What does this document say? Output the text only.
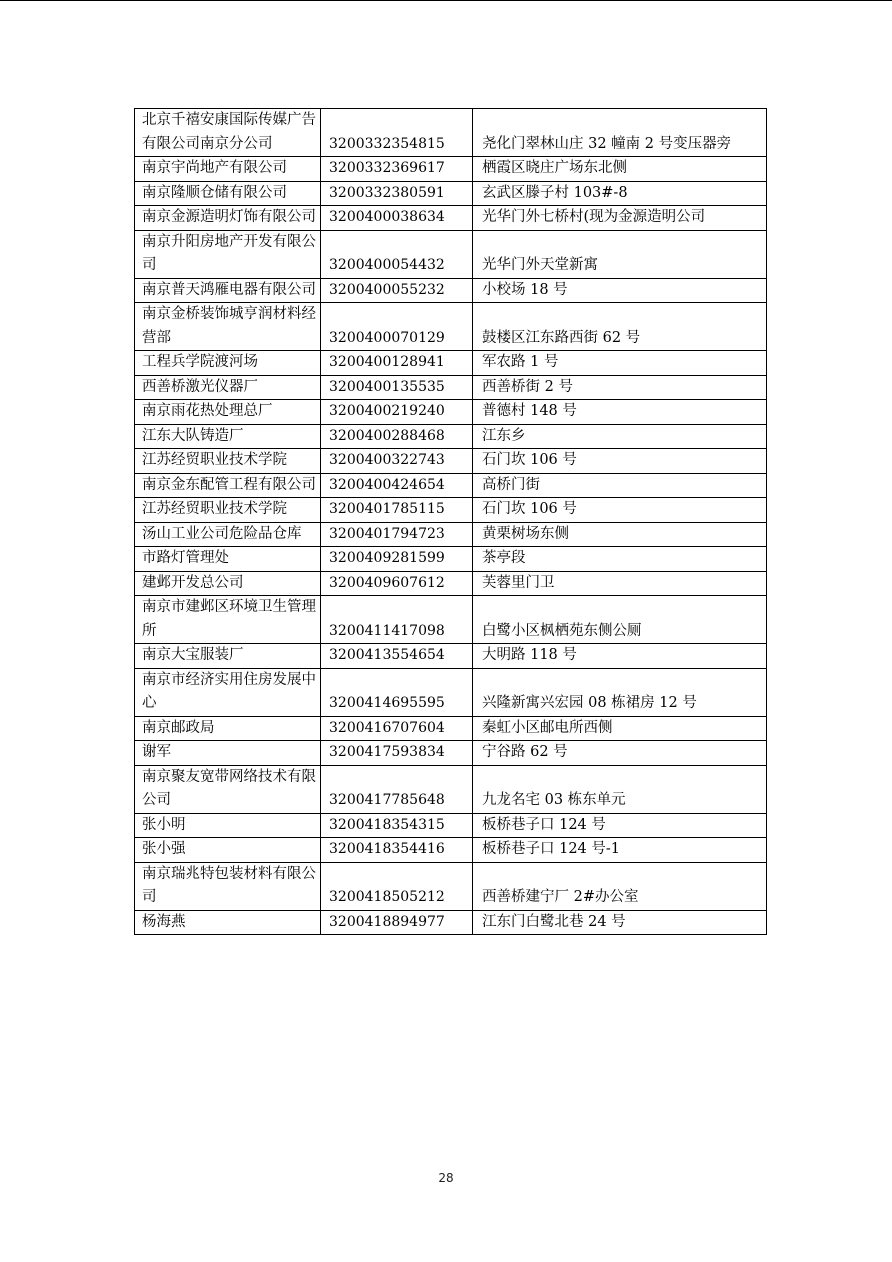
北京千禧安康国际传媒广告有限公司南京分公司	3200332354815	尧化门翠林山庄 32 幢南 2 号变压器旁
南京宇尚地产有限公司	3200332369617	栖霞区晓庄广场东北侧
南京隆顺仓储有限公司	3200332380591	玄武区滕子村 103#-8
南京金源造明灯饰有限公司	3200400038634	光华门外七桥村(现为金源造明公司
南京升阳房地产开发有限公司	3200400054432	光华门外天堂新寓
南京普天鸿雁电器有限公司	3200400055232	小校场 18 号
南京金桥装饰城亨润材料经营部	3200400070129	鼓楼区江东路西街 62 号
工程兵学院渡河场	3200400128941	军农路 1 号
西善桥激光仪器厂	3200400135535	西善桥街 2 号
南京雨花热处理总厂	3200400219240	普德村 148 号
江东大队铸造厂	3200400288468	江东乡
江苏经贸职业技术学院	3200400322743	石门坎 106 号
南京金东配管工程有限公司	3200400424654	高桥门街
江苏经贸职业技术学院	3200401785115	石门坎 106 号
汤山工业公司危险品仓库	3200401794723	黄栗树场东侧
市路灯管理处	3200409281599	茶亭段
建邺开发总公司	3200409607612	芙蓉里门卫
南京市建邺区环境卫生管理所	3200411417098	白鹭小区枫栖苑东侧公厕
南京大宝服装厂	3200413554654	大明路 118 号
南京市经济实用住房发展中心	3200414695595	兴隆新寓兴宏园 08 栋裙房 12 号
南京邮政局	3200416707604	秦虹小区邮电所西侧
谢军	3200417593834	宁谷路 62 号
南京聚友宽带网络技术有限公司	3200417785648	九龙名宅 03 栋东单元
张小明	3200418354315	板桥巷子口 124 号
张小强	3200418354416	板桥巷子口 124 号-1
南京瑞兆特包装材料有限公司	3200418505212	西善桥建宁厂 2#办公室
杨海燕	3200418894977	江东门白鹭北巷 24 号
28
